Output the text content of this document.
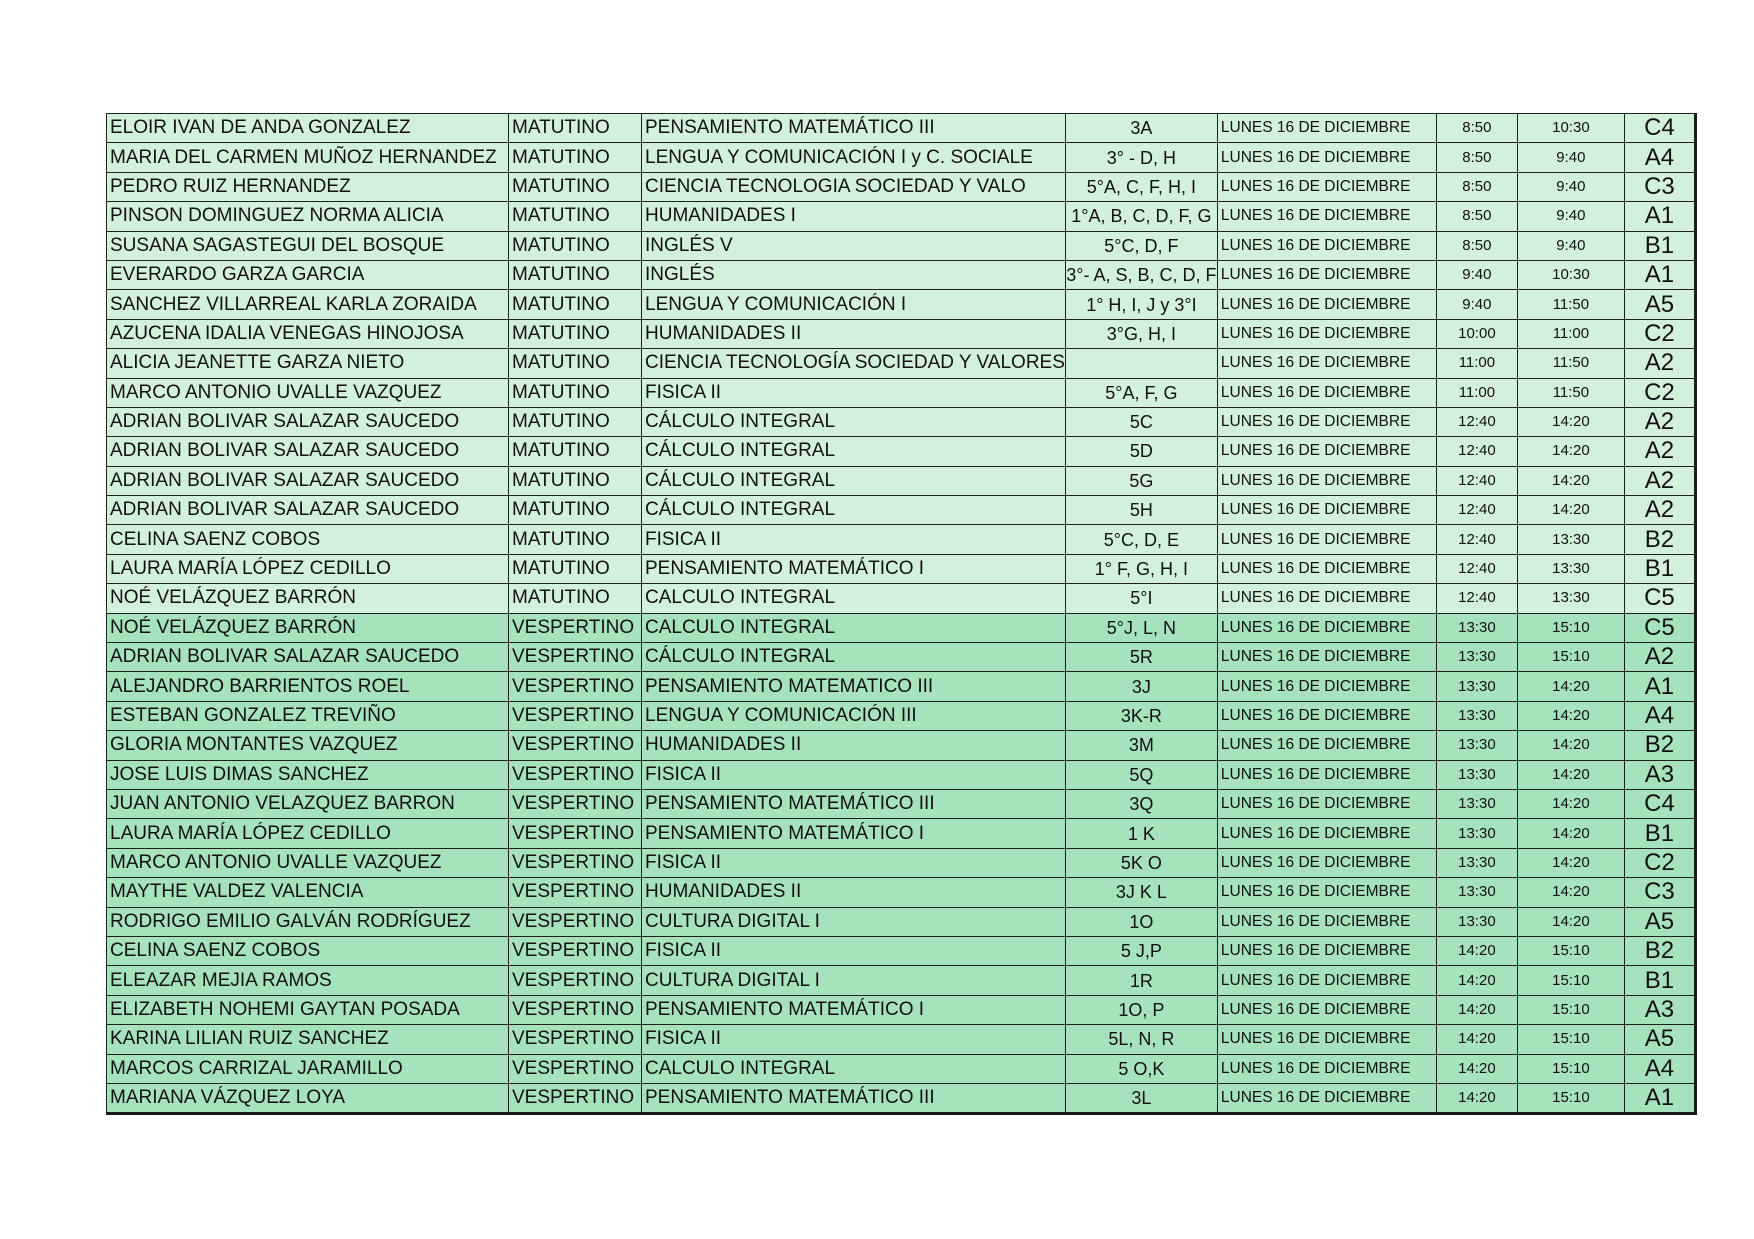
ELOIR IVAN DE ANDA GONZALEZ	MATUTINO	PENSAMIENTO MATEMÁTICO III	3A	LUNES 16 DE DICIEMBRE	8:50	10:30	C4
MARIA DEL CARMEN MUÑOZ HERNANDEZ	MATUTINO	LENGUA Y COMUNICACIÓN I y C. SOCIALE	3° - D, H	LUNES 16 DE DICIEMBRE	8:50	9:40	A4
PEDRO RUIZ HERNANDEZ	MATUTINO	CIENCIA TECNOLOGIA SOCIEDAD Y VALO	5°A, C, F, H, I	LUNES 16 DE DICIEMBRE	8:50	9:40	C3
PINSON DOMINGUEZ NORMA ALICIA	MATUTINO	HUMANIDADES I	1°A, B, C, D, F, G	LUNES 16 DE DICIEMBRE	8:50	9:40	A1
SUSANA SAGASTEGUI DEL BOSQUE	MATUTINO	INGLÉS V	5°C, D, F	LUNES 16 DE DICIEMBRE	8:50	9:40	B1
EVERARDO GARZA GARCIA	MATUTINO	INGLÉS	3°- A, S, B, C, D, F	LUNES 16 DE DICIEMBRE	9:40	10:30	A1
SANCHEZ VILLARREAL KARLA ZORAIDA	MATUTINO	LENGUA Y COMUNICACIÓN I	1° H, I, J y 3°I	LUNES 16 DE DICIEMBRE	9:40	11:50	A5
AZUCENA IDALIA VENEGAS HINOJOSA	MATUTINO	HUMANIDADES II	3°G, H, I	LUNES 16 DE DICIEMBRE	10:00	11:00	C2
ALICIA JEANETTE GARZA NIETO	MATUTINO	CIENCIA TECNOLOGÍA SOCIEDAD Y VALORES		LUNES 16 DE DICIEMBRE	11:00	11:50	A2
MARCO ANTONIO UVALLE VAZQUEZ	MATUTINO	FISICA II	5°A, F, G	LUNES 16 DE DICIEMBRE	11:00	11:50	C2
ADRIAN BOLIVAR SALAZAR SAUCEDO	MATUTINO	CÁLCULO INTEGRAL	5C	LUNES 16 DE DICIEMBRE	12:40	14:20	A2
ADRIAN BOLIVAR SALAZAR SAUCEDO	MATUTINO	CÁLCULO INTEGRAL	5D	LUNES 16 DE DICIEMBRE	12:40	14:20	A2
ADRIAN BOLIVAR SALAZAR SAUCEDO	MATUTINO	CÁLCULO INTEGRAL	5G	LUNES 16 DE DICIEMBRE	12:40	14:20	A2
ADRIAN BOLIVAR SALAZAR SAUCEDO	MATUTINO	CÁLCULO INTEGRAL	5H	LUNES 16 DE DICIEMBRE	12:40	14:20	A2
CELINA SAENZ COBOS	MATUTINO	FISICA II	5°C, D, E	LUNES 16 DE DICIEMBRE	12:40	13:30	B2
LAURA MARÍA LÓPEZ CEDILLO	MATUTINO	PENSAMIENTO MATEMÁTICO I	1° F, G, H, I	LUNES 16 DE DICIEMBRE	12:40	13:30	B1
NOÉ VELÁZQUEZ BARRÓN	MATUTINO	CALCULO INTEGRAL	5°I	LUNES 16 DE DICIEMBRE	12:40	13:30	C5
NOÉ VELÁZQUEZ BARRÓN	VESPERTINO	CALCULO INTEGRAL	5°J, L, N	LUNES 16 DE DICIEMBRE	13:30	15:10	C5
ADRIAN BOLIVAR SALAZAR SAUCEDO	VESPERTINO	CÁLCULO INTEGRAL	5R	LUNES 16 DE DICIEMBRE	13:30	15:10	A2
ALEJANDRO BARRIENTOS ROEL	VESPERTINO	PENSAMIENTO MATEMATICO III	3J	LUNES 16 DE DICIEMBRE	13:30	14:20	A1
ESTEBAN GONZALEZ TREVIÑO	VESPERTINO	LENGUA Y COMUNICACIÓN III	3K-R	LUNES 16 DE DICIEMBRE	13:30	14:20	A4
GLORIA MONTANTES VAZQUEZ	VESPERTINO	HUMANIDADES II	3M	LUNES 16 DE DICIEMBRE	13:30	14:20	B2
JOSE LUIS DIMAS SANCHEZ	VESPERTINO	FISICA II	5Q	LUNES 16 DE DICIEMBRE	13:30	14:20	A3
JUAN ANTONIO VELAZQUEZ BARRON	VESPERTINO	PENSAMIENTO MATEMÁTICO III	3Q	LUNES 16 DE DICIEMBRE	13:30	14:20	C4
LAURA MARÍA LÓPEZ CEDILLO	VESPERTINO	PENSAMIENTO MATEMÁTICO I	1 K	LUNES 16 DE DICIEMBRE	13:30	14:20	B1
MARCO ANTONIO UVALLE VAZQUEZ	VESPERTINO	FISICA II	5K O	LUNES 16 DE DICIEMBRE	13:30	14:20	C2
MAYTHE VALDEZ VALENCIA	VESPERTINO	HUMANIDADES II	3J K L	LUNES 16 DE DICIEMBRE	13:30	14:20	C3
RODRIGO EMILIO GALVÁN RODRÍGUEZ	VESPERTINO	CULTURA DIGITAL I	1O	LUNES 16 DE DICIEMBRE	13:30	14:20	A5
CELINA SAENZ COBOS	VESPERTINO	FISICA II	5 J,P	LUNES 16 DE DICIEMBRE	14:20	15:10	B2
ELEAZAR MEJIA RAMOS	VESPERTINO	CULTURA DIGITAL I	1R	LUNES 16 DE DICIEMBRE	14:20	15:10	B1
ELIZABETH NOHEMI GAYTAN POSADA	VESPERTINO	PENSAMIENTO MATEMÁTICO I	1O, P	LUNES 16 DE DICIEMBRE	14:20	15:10	A3
KARINA LILIAN RUIZ SANCHEZ	VESPERTINO	FISICA II	5L, N, R	LUNES 16 DE DICIEMBRE	14:20	15:10	A5
MARCOS CARRIZAL JARAMILLO	VESPERTINO	CALCULO INTEGRAL	5 O,K	LUNES 16 DE DICIEMBRE	14:20	15:10	A4
MARIANA VÁZQUEZ LOYA	VESPERTINO	PENSAMIENTO MATEMÁTICO III	3L	LUNES 16 DE DICIEMBRE	14:20	15:10	A1
